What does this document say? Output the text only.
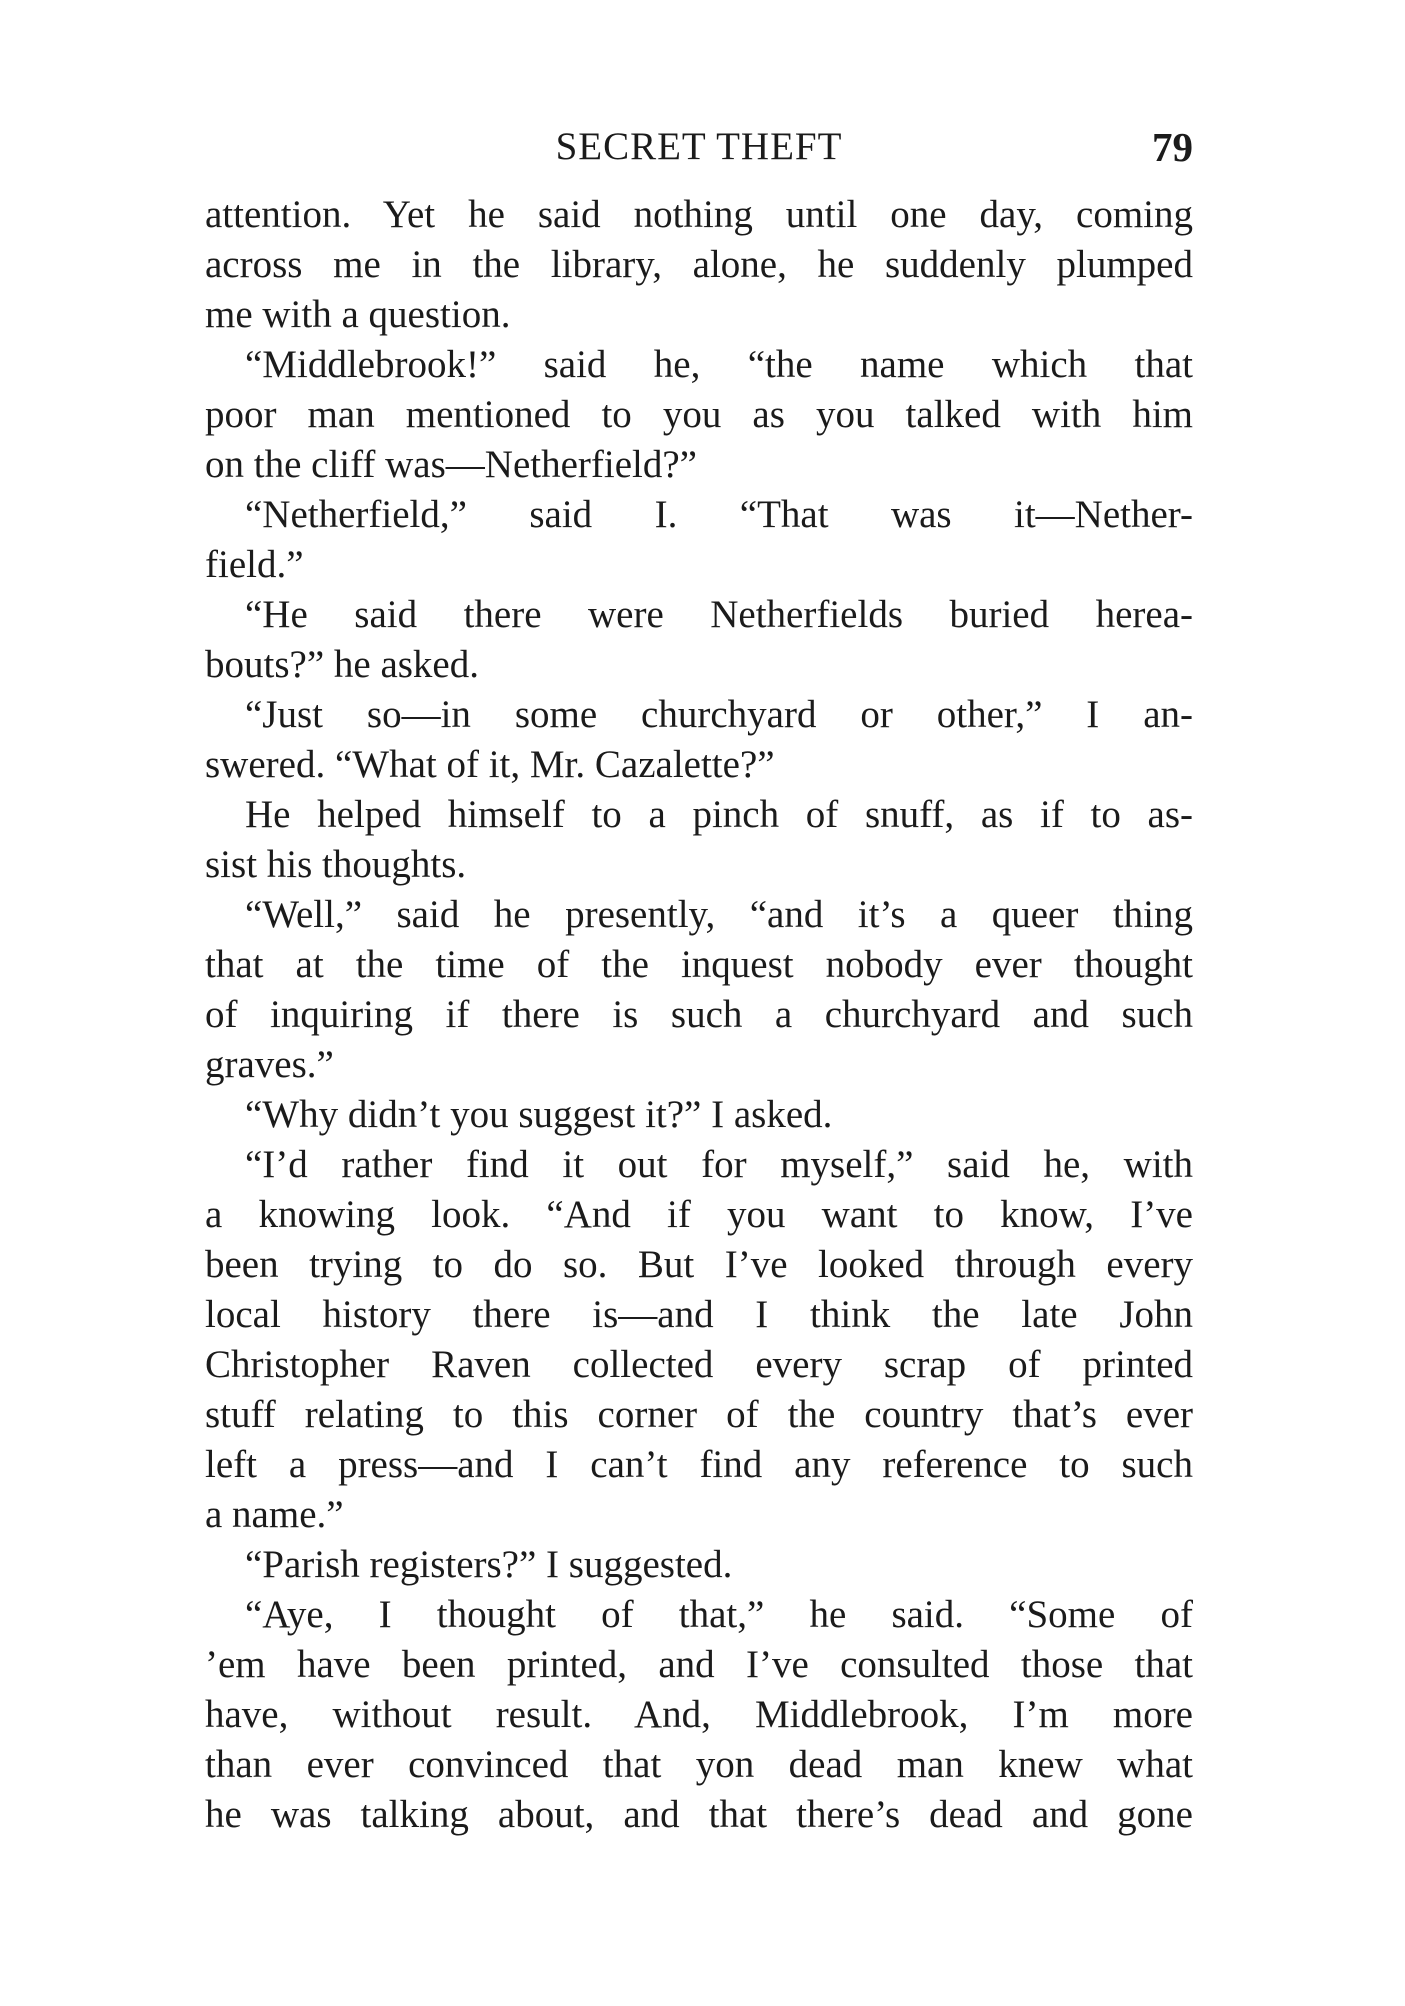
SECRET THEFT	79
attention. Yet he said nothing until one day, coming
across me in the library, alone, he suddenly plumped
me with a question.
“Middlebrook!” said he, “the name which that
poor man mentioned to you as you talked with him
on the cliff was—Netherfield?”
“Netherfield,” said I. “That was it—Nether-
field.”
“He said there were Netherfields buried herea-
bouts?” he asked.
“Just so—in some churchyard or other,” I an-
swered. “What of it, Mr. Cazalette?”
He helped himself to a pinch of snuff, as if to as-
sist his thoughts.
“Well,” said he presently, “and it’s a queer thing
that at the time of the inquest nobody ever thought
of inquiring if there is such a churchyard and such
graves.”
“Why didn’t you suggest it?” I asked.
“I’d rather find it out for myself,” said he, with
a knowing look. “And if you want to know, I’ve
been trying to do so. But I’ve looked through every
local history there is—and I think the late John
Christopher Raven collected every scrap of printed
stuff relating to this corner of the country that’s ever
left a press—and I can’t find any reference to such
a name.”
“Parish registers?” I suggested.
“Aye, I thought of that,” he said. “Some of
’em have been printed, and I’ve consulted those that
have, without result. And, Middlebrook, I’m more
than ever convinced that yon dead man knew what
he was talking about, and that there’s dead and gone
